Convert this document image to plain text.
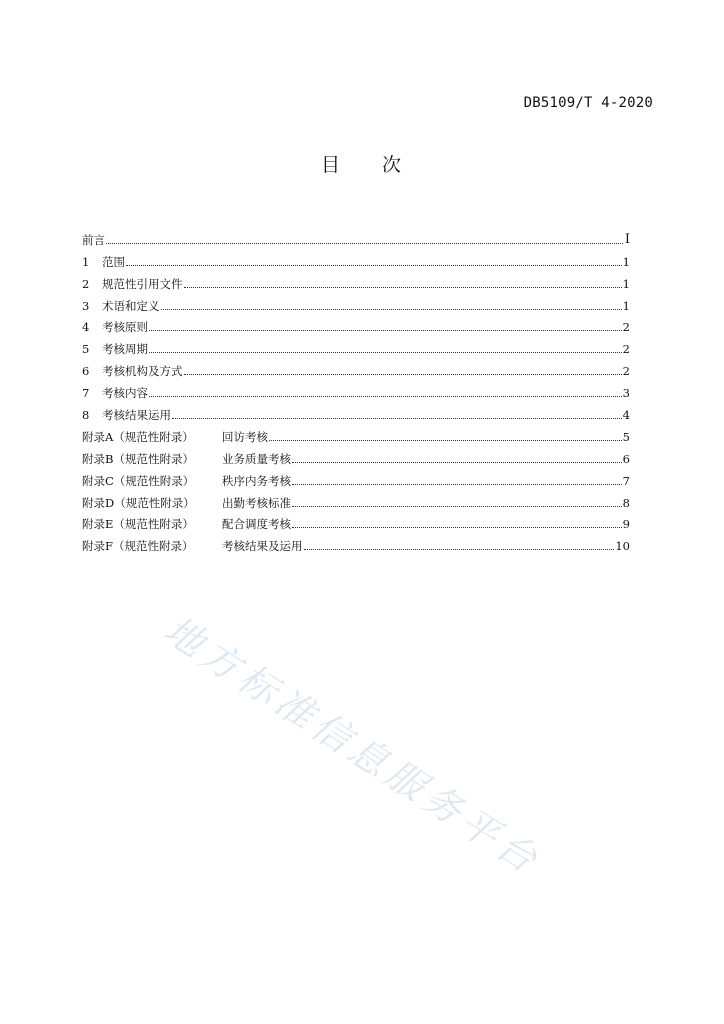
DB5109/T 4-2020
目 次
前言	I
1	范围	1
2	规范性引用文件	1
3	术语和定义	1
4	考核原则	2
5	考核周期	2
6	考核机构及方式	2
7	考核内容	3
8	考核结果运用	4
附录A（规范性附录）	回访考核	5
附录B（规范性附录）	业务质量考核	6
附录C（规范性附录）	秩序内务考核	7
附录D（规范性附录）	出勤考核标准	8
附录E（规范性附录）	配合调度考核	9
附录F（规范性附录）	考核结果及运用	10
地方标准信息服务平台
